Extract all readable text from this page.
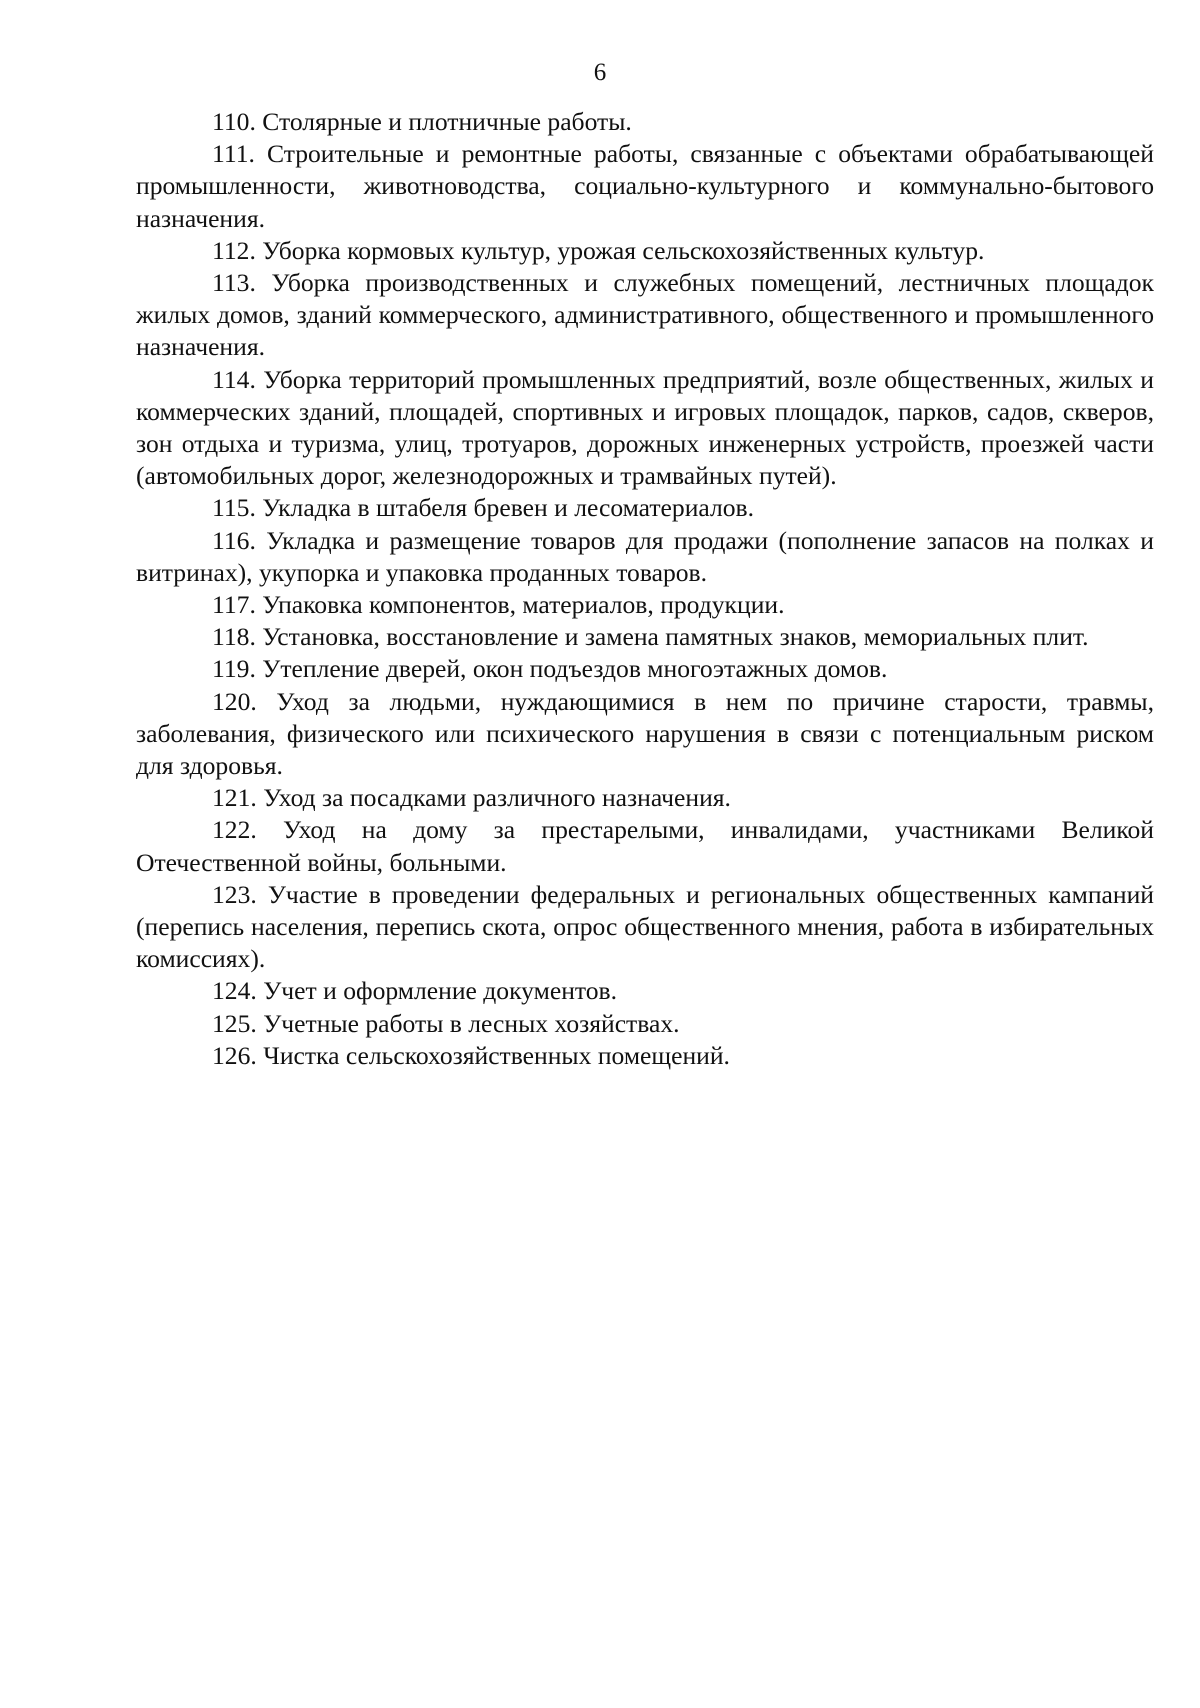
6

110. Столярные и плотничные работы.
111. Строительные и ремонтные работы, связанные с объектами обрабатывающей промышленности, животноводства, социально-культурного и коммунально-бытового назначения.
112. Уборка кормовых культур, урожая сельскохозяйственных культур.
113. Уборка производственных и служебных помещений, лестничных площадок жилых домов, зданий коммерческого, административного, общественного и промышленного назначения.
114. Уборка территорий промышленных предприятий, возле общественных, жилых и коммерческих зданий, площадей, спортивных и игровых площадок, парков, садов, скверов, зон отдыха и туризма, улиц, тротуаров, дорожных инженерных устройств, проезжей части (автомобильных дорог, железнодорожных и трамвайных путей).
115. Укладка в штабеля бревен и лесоматериалов.
116. Укладка и размещение товаров для продажи (пополнение запасов на полках и витринах), укупорка и упаковка проданных товаров.
117. Упаковка компонентов, материалов, продукции.
118. Установка, восстановление и замена памятных знаков, мемориальных плит.
119. Утепление дверей, окон подъездов многоэтажных домов.
120. Уход за людьми, нуждающимися в нем по причине старости, травмы, заболевания, физического или психического нарушения в связи с потенциальным риском для здоровья.
121. Уход за посадками различного назначения.
122. Уход на дому за престарелыми, инвалидами, участниками Великой Отечественной войны, больными.
123. Участие в проведении федеральных и региональных общественных кампаний (перепись населения, перепись скота, опрос общественного мнения, работа в избирательных комиссиях).
124. Учет и оформление документов.
125. Учетные работы в лесных хозяйствах.
126. Чистка сельскохозяйственных помещений.
